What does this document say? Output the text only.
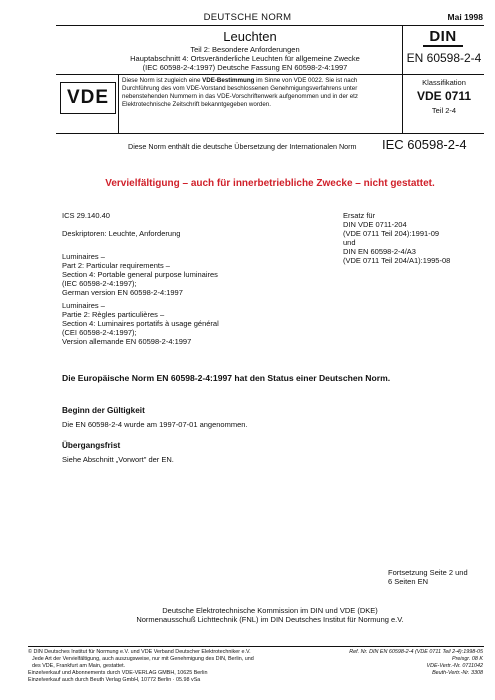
DEUTSCHE NORM	Mai 1998
Leuchten
Teil 2: Besondere Anforderungen
Hauptabschnitt 4: Ortsveränderliche Leuchten für allgemeine Zwecke
(IEC 60598-2-4:1997) Deutsche Fassung EN 60598-2-4:1997
DIN
EN 60598-2-4
VDE
Diese Norm ist zugleich eine VDE-Bestimmung im Sinne von VDE 0022. Sie ist nach
Durchführung des vom VDE-Vorstand beschlossenen Genehmigungsverfahrens unter
nebenstehenden Nummern in das VDE-Vorschriftenwerk aufgenommen und in der etz
Elektrotechnische Zeitschrift bekanntgegeben worden.
Klassifikation
VDE 0711
Teil 2-4
Diese Norm enthält die deutsche Übersetzung der Internationalen Norm IEC 60598-2-4
Vervielfältigung – auch für innerbetriebliche Zwecke – nicht gestattet.
ICS 29.140.40
Deskriptoren: Leuchte, Anforderung
Luminaires –
Part 2: Particular requirements –
Section 4: Portable general purpose luminaires
(IEC 60598-2-4:1997);
German version EN 60598-2-4:1997
Luminaires –
Partie 2: Règles particulières –
Section 4: Luminaires portatifs à usage général
(CEI 60598-2-4:1997);
Version allemande EN 60598-2-4:1997
Ersatz für
DIN VDE 0711-204
(VDE 0711 Teil 204):1991-09
und
DIN EN 60598-2-4/A3
(VDE 0711 Teil 204/A1):1995-08
Die Europäische Norm EN 60598-2-4:1997 hat den Status einer Deutschen Norm.
Beginn der Gültigkeit
Die EN 60598-2-4 wurde am 1997-07-01 angenommen.
Übergangsfrist
Siehe Abschnitt „Vorwort" der EN.
Fortsetzung Seite 2 und
6 Seiten EN
Deutsche Elektrotechnische Kommission im DIN und VDE (DKE)
Normenausschuß Lichttechnik (FNL) im DIN Deutsches Institut für Normung e.V.
© DIN Deutsches Institut für Normung e.V. und VDE Verband Deutscher Elektrotechniker e.V.
Jede Art der Vervielfältigung, auch auszugsweise, nur mit Genehmigung des DIN, Berlin, und
des VDE, Frankfurt am Main, gestattet.
Einzelverkauf und Abonnements durch VDE-VERLAG GMBH, 10625 Berlin
Einzelverkauf auch durch Beuth Verlag GmbH, 10772 Berlin · 05.98 vSa
Ref. Nr. DIN EN 60598-2-4 (VDE 0711 Teil 2-4):1998-05
Preisgr. 08 K
VDE-Vertr.-Nr. 0711042
Beuth-Vertr.-Nr. 3308
